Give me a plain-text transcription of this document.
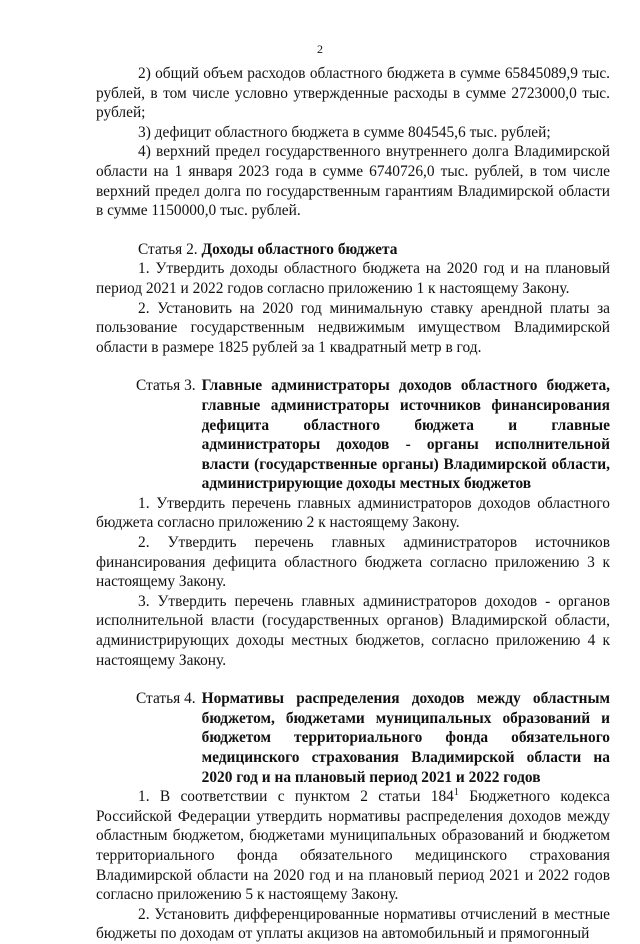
2

2) общий объем расходов областного бюджета в сумме 65845089,9 тыс. рублей, в том числе условно утвержденные расходы в сумме 2723000,0 тыс. рублей;

3) дефицит областного бюджета в сумме 804545,6 тыс. рублей;

4) верхний предел государственного внутреннего долга Владимирской области на 1 января 2023 года в сумме 6740726,0 тыс. рублей, в том числе верхний предел долга по государственным гарантиям Владимирской области в сумме 1150000,0 тыс. рублей.

Статья 2. Доходы областного бюджета

1. Утвердить доходы областного бюджета на 2020 год и на плановый период 2021 и 2022 годов согласно приложению 1 к настоящему Закону.

2. Установить на 2020 год минимальную ставку арендной платы за пользование государственным недвижимым имуществом Владимирской области в размере 1825 рублей за 1 квадратный метр в год.

Статья 3. Главные администраторы доходов областного бюджета, главные администраторы источников финансирования дефицита областного бюджета и главные администраторы доходов - органы исполнительной власти (государственные органы) Владимирской области, администрирующие доходы местных бюджетов

1. Утвердить перечень главных администраторов доходов областного бюджета согласно приложению 2 к настоящему Закону.

2. Утвердить перечень главных администраторов источников финансирования дефицита областного бюджета согласно приложению 3 к настоящему Закону.

3. Утвердить перечень главных администраторов доходов - органов исполнительной власти (государственных органов) Владимирской области, администрирующих доходы местных бюджетов, согласно приложению 4 к настоящему Закону.

Статья 4. Нормативы распределения доходов между областным бюджетом, бюджетами муниципальных образований и бюджетом территориального фонда обязательного медицинского страхования Владимирской области на 2020 год и на плановый период 2021 и 2022 годов

1. В соответствии с пунктом 2 статьи $184^1$ Бюджетного кодекса Российской Федерации утвердить нормативы распределения доходов между областным бюджетом, бюджетами муниципальных образований и бюджетом территориального фонда обязательного медицинского страхования Владимирской области на 2020 год и на плановый период 2021 и 2022 годов согласно приложению 5 к настоящему Закону.

2. Установить дифференцированные нормативы отчислений в местные бюджеты по доходам от уплаты акцизов на автомобильный и прямогонный
